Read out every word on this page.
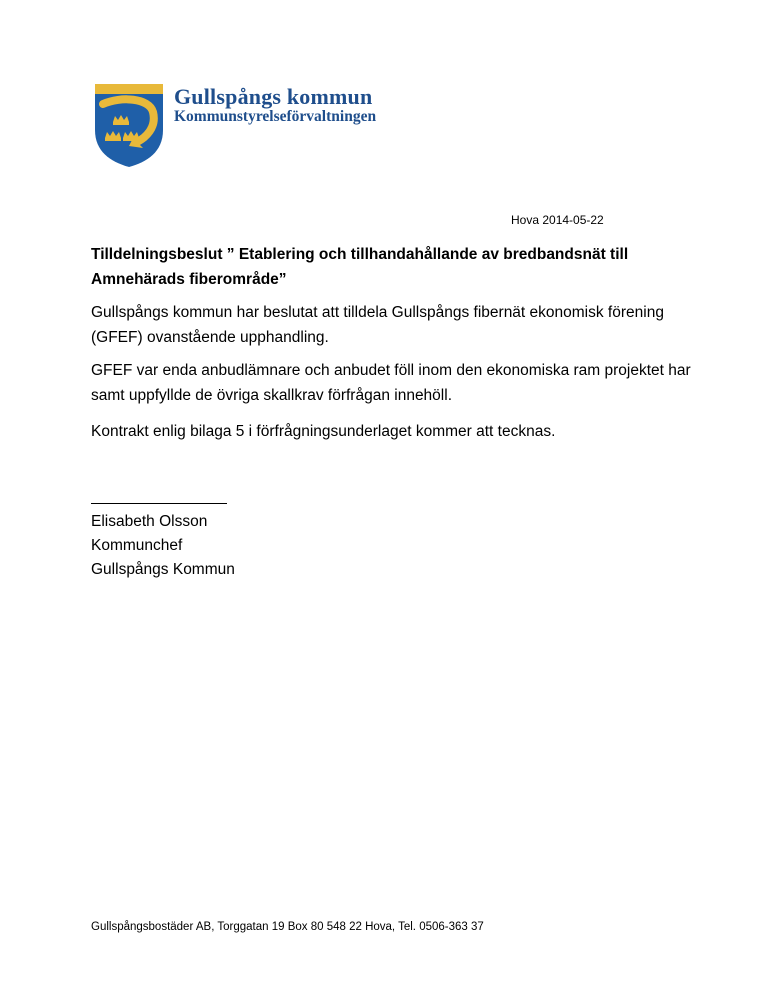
Gullspångs kommun
Kommunstyrelseförvaltningen
Hova 2014-05-22
Tilldelningsbeslut ” Etablering och tillhandahållande av bredbandsnät till Amnehärads fiberområde”
Gullspångs kommun har beslutat att tilldela Gullspångs fibernät ekonomisk förening (GFEF) ovanstående upphandling.
GFEF var enda anbudlämnare och anbudet föll inom den ekonomiska ram projektet har samt uppfyllde de övriga skallkrav förfrågan innehöll.
Kontrakt enlig bilaga 5 i förfrågningsunderlaget kommer att tecknas.
Elisabeth Olsson
Kommunchef
Gullspångs Kommun
Gullspångsbostäder AB, Torggatan 19 Box 80 548 22 Hova, Tel. 0506-363 37
